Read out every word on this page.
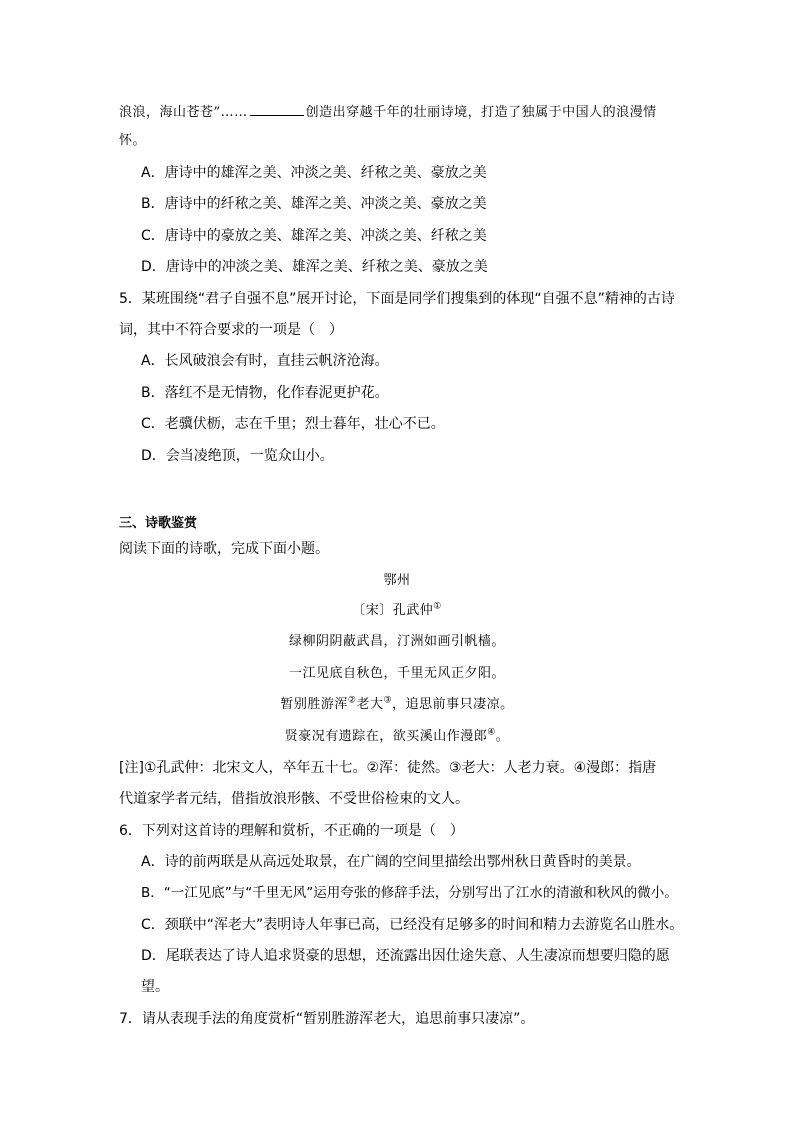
浪浪，海山苍苍”……	创造出穿越千年的壮丽诗境，打造了独属于中国人的浪漫情
怀。
A．唐诗中的雄浑之美、冲淡之美、纤秾之美、豪放之美
B．唐诗中的纤秾之美、雄浑之美、冲淡之美、豪放之美
C．唐诗中的豪放之美、雄浑之美、冲淡之美、纤秾之美
D．唐诗中的冲淡之美、雄浑之美、纤秾之美、豪放之美
5．某班围绕“君子自强不息”展开讨论，下面是同学们搜集到的体现“自强不息”精神的古诗
词，其中不符合要求的一项是（　）
A．长风破浪会有时，直挂云帆济沧海。
B．落红不是无情物，化作春泥更护花。
C．老骥伏枥，志在千里；烈士暮年，壮心不已。
D．会当凌绝顶，一览众山小。
三、诗歌鉴赏
阅读下面的诗歌，完成下面小题。
鄂州
〔宋〕孔武仲①
绿柳阴阴蔽武昌，汀洲如画引帆樯。
一江见底自秋色，千里无风正夕阳。
暂别胜游浑②老大③，追思前事只凄凉。
贤豪况有遗踪在，欲买溪山作漫郎④。
[注]①孔武仲：北宋文人，卒年五十七。②浑：徒然。③老大：人老力衰。④漫郎：指唐
代道家学者元结，借指放浪形骸、不受世俗检束的文人。
6．下列对这首诗的理解和赏析，不正确的一项是（　）
A．诗的前两联是从高远处取景，在广阔的空间里描绘出鄂州秋日黄昏时的美景。
B．“一江见底”与“千里无风”运用夸张的修辞手法，分别写出了江水的清澈和秋风的微小。
C．颈联中“浑老大”表明诗人年事已高，已经没有足够多的时间和精力去游览名山胜水。
D．尾联表达了诗人追求贤豪的思想，还流露出因仕途失意、人生凄凉而想要归隐的愿
望。
7．请从表现手法的角度赏析“暂别胜游浑老大，追思前事只凄凉”。
